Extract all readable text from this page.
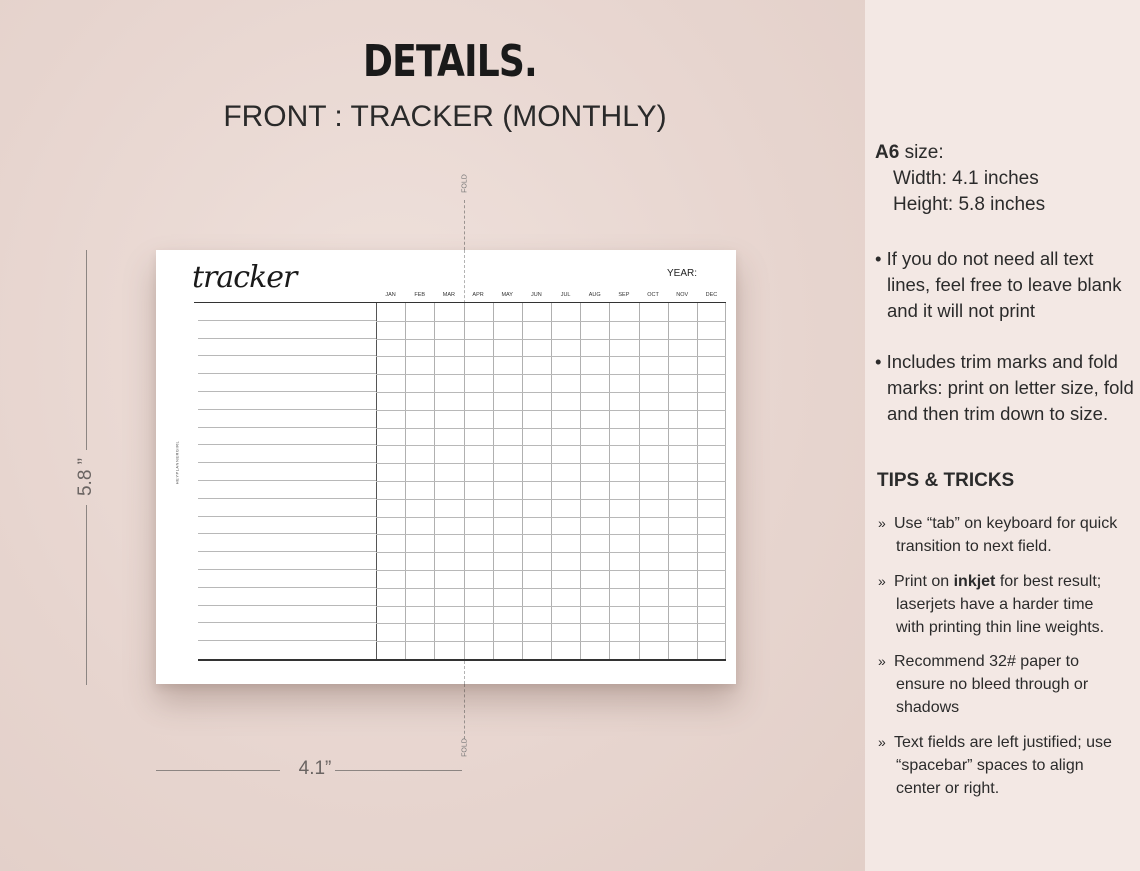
DETAILS.
FRONT : TRACKER (MONTHLY)
5.8 ”
4.1”
FOLD
FOLD
tracker	YEAR:
HEYPLANNERGIRL
JAN	FEB	MAR	APR	MAY	JUN	JUL	AUG	SEP	OCT	NOV	DEC
A6 size:
Width: 4.1 inches
Height: 5.8 inches
• If you do not need all text
lines, feel free to leave blank
and it will not print
• Includes trim marks and fold
marks: print on letter size, fold
and then trim down to size.
TIPS & TRICKS
» Use “tab” on keyboard for quick
transition to next field.
» Print on inkjet for best result;
laserjets have a harder time
with printing thin line weights.
» Recommend 32# paper to
ensure no bleed through or
shadows
» Text fields are left justified; use
“spacebar” spaces to align
center or right.
